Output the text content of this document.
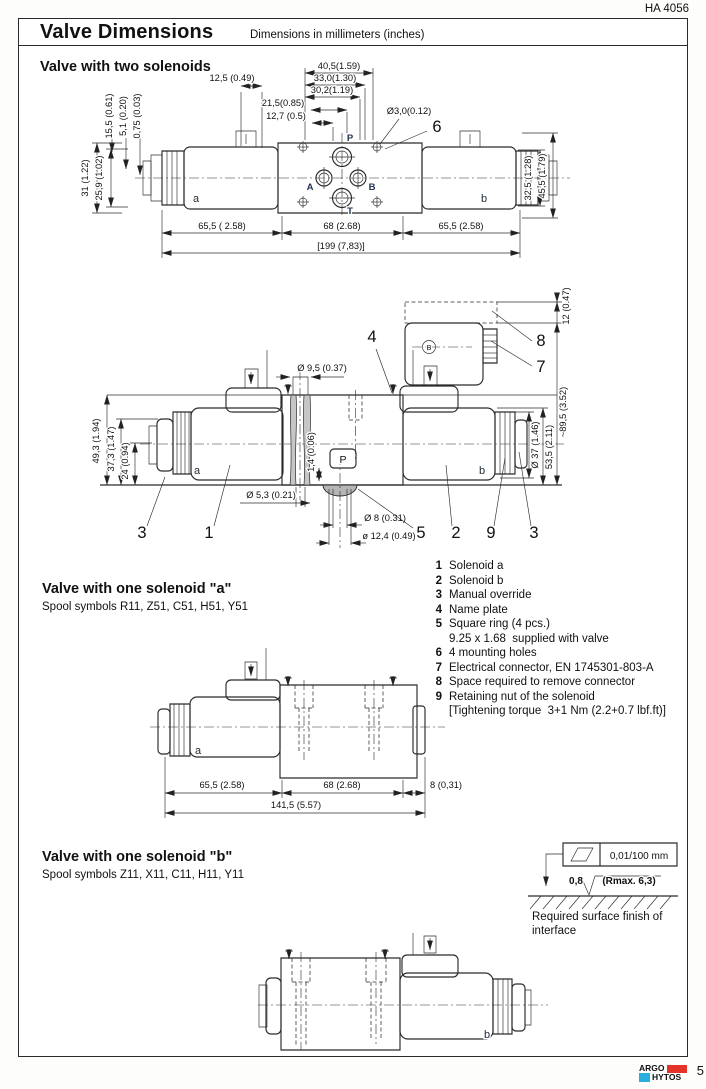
HA 4056
Valve Dimensions	Dimensions in millimeters (inches)
Valve with two solenoids
Valve with one solenoid "a"
Spool symbols R11, Z51, C51, H51, Y51
Valve with one solenoid "b"
Spool symbols Z11, X11, C11, H11, Y11
40,5(1.59)
33,0(1.30)
30,2(1.19)
12,5 (0.49)
21,5(0.85)
12,7 (0.5)	Ø3,0(0.12)
6
15,5 (0.61) 5,1 (0.20) 0,75 (0.03)
31 (1.22) 25,9 (1.02)	32,5 (1.28) 45,5 (1.79)
65,5 ( 2.58)	68 (2.68)	65,5 (2.58)
[199 (7,83)]
P
A	B
T
a	b
Ø 9,5 (0.37)
1,4 (0.06)
49,3 (1.94) 37,3 (1.47) 24 (0.94)	Ø 37 (1.46) 53,5 (2.11)
~89,5 (3.52)
12 (0.47)
Ø 5,3 (0.21)
Ø 8 (0.31)
ø 12,4 (0.49)
4	8
7
5
3	1	2 9 3
a	b
P
B
65,5 (2.58)	68 (2.68)	8 (0,31)
141,5 (5.57)
a
b
0,01/100 mm
0,8 (Rmax. 6,3)
1 Solenoid a
2 Solenoid b
3 Manual override
4 Name plate
5 Square ring (4 pcs.)
9.25 x 1.68  supplied with valve
6 4 mounting holes
7 Electrical connector, EN 1745301-803-A
8 Space required to remove connector
9 Retaining nut of the solenoid
[Tightening torque  3+1 Nm (2.2+0.7 lbf.ft)]
Required surface finish of
interface
ARGO
HYTOS 5
